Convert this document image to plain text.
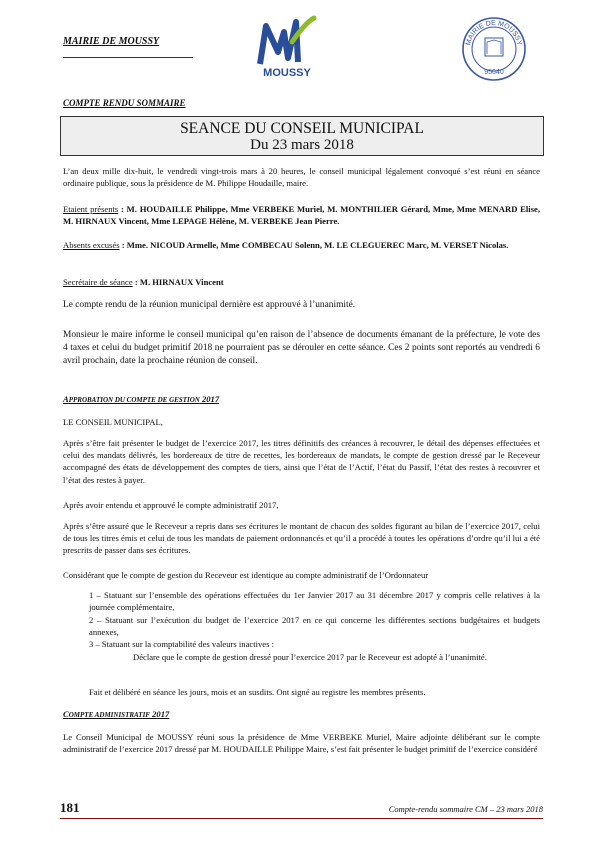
MAIRIE DE MOUSSY
MOUSSY
MAIRIE DE MOUSSY
95640
COMPTE RENDU SOMMAIRE
SEANCE DU CONSEIL MUNICIPAL
Du 23 mars 2018
L’an deux mille dix-huit, le vendredi vingt-trois mars à 20 heures, le conseil municipal légalement convoqué s’est réuni en séance ordinaire publique, sous la présidence de M. Philippe Houdaille, maire.
Etaient présents : M. HOUDAILLE Philippe, Mme VERBEKE Muriel, M. MONTHILIER Gérard, Mme, Mme MENARD Elise, M. HIRNAUX Vincent, Mme LEPAGE Hélène, M. VERBEKE Jean Pierre.
Absents excusés : Mme. NICOUD Armelle, Mme COMBECAU Solenn, M. LE CLEGUEREC Marc, M. VERSET Nicolas.
Secrétaire de séance : M. HIRNAUX Vincent
Le compte rendu de la réunion municipal dernière est approuvé à l’unanimité.
Monsieur le maire informe le conseil municipal qu’en raison de l’absence de documents émanant de la préfecture, le vote des 4 taxes et celui du budget primitif 2018 ne pourraient pas se dérouler en cette séance. Ces 2 points sont reportés au vendredi 6 avril prochain, date la prochaine réunion de conseil.
APPROBATION DU COMPTE DE GESTION 2017
LE CONSEIL MUNICIPAL,
Après s’être fait présenter le budget de l’exercice 2017, les titres définitifs des créances à recouvrer, le détail des dépenses effectuées et celui des mandats délivrés, les bordereaux de titre de recettes, les bordereaux de mandats, le compte de gestion dressé par le Receveur accompagné des états de développement des comptes de tiers, ainsi que l’état de l’Actif, l’état du Passif, l’état des restes à recouvrer et l’état des restes à payer.
Après avoir entendu et approuvé le compte administratif 2017,
Après s’être assuré que le Receveur a repris dans ses écritures le montant de chacun des soldes figurant au bilan de l’exercice 2017, celui de tous les titres émis et celui de tous les mandats de paiement ordonnancés et qu’il a procédé à toutes les opérations d’ordre qu’il lui a été prescrits de passer dans ses écritures.
Considérant que le compte de gestion du Receveur est identique au compte administratif de l’Ordonnateur
1 – Statuant sur l’ensemble des opérations effectuées du 1er Janvier 2017 au 31 décembre 2017 y compris celle relatives à la journée complémentaire,
2 – Statuant sur l’exécution du budget de l’exercice 2017 en ce qui concerne les différentes sections budgétaires et budgets annexes,
3 – Statuant sur la comptabilité des valeurs inactives :
Déclare que le compte de gestion dressé pour l’exercice 2017 par le Receveur est adopté à l’unanimité.
Fait et délibéré en séance les jours, mois et an susdits. Ont signé au registre les membres présents.
COMPTE ADMINISTRATIF 2017
Le Conseil Municipal de MOUSSY réuni sous la présidence de Mme VERBEKE Muriel, Maire adjointe délibérant sur le compte administratif de l’exercice 2017 dressé par M. HOUDAILLE Philippe Maire, s’est fait présenter le budget primitif de l’exercice considéré
181	Compte-rendu sommaire CM – 23 mars 2018
